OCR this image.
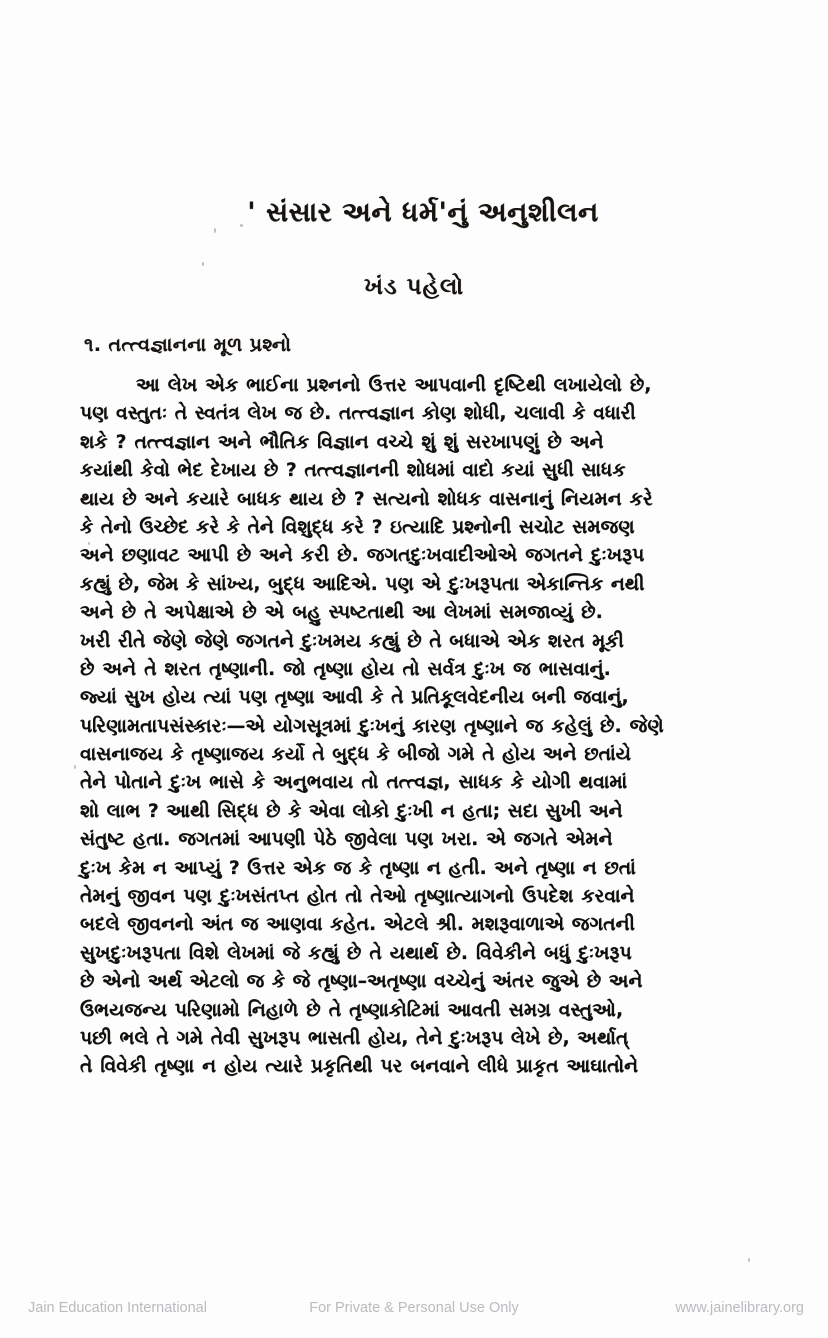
' સંસાર અને ધર્મ'નું અનુશીલન
ખંડ પહેલો
૧. તત્ત્વજ્ઞાનના મૂળ પ્રશ્નો
આ લેખ એક ભાઈના પ્રશ્નનો ઉત્તર આપવાની દૃષ્ટિથી લખાયેલો છે,
પણ વસ્તુતઃ તે સ્વતંત્ર લેખ જ છે. તત્ત્વજ્ઞાન કોણ શોધી, ચલાવી કે વધારી
શકે ? તત્ત્વજ્ઞાન અને ભૌતિક વિજ્ઞાન વચ્ચે શું શું સરખાપણું છે અને
કયાંથી કેવો ભેદ દેખાય છે ? તત્ત્વજ્ઞાનની શોધમાં વાદો કયાં સુધી સાધક
થાય છે અને કયારે બાધક થાય છે ? સત્યનો શોધક વાસનાનું નિયમન કરે
કે તેનો ઉચ્છેદ કરે કે તેને વિશુદ્ધ કરે ? ઇત્યાદિ પ્રશ્નોની સચોટ સમજણ
અને છણાવટ આપી છે અને કરી છે. જગતદુઃખવાદીઓએ જગતને દુઃખરૂપ
કહ્યું છે, જેમ કે સાંખ્ય, બુદ્ધ આદિએ. પણ એ દુઃખરૂપતા એકાન્તિક નથી
અને છે તે અપેક્ષાએ છે એ બહુ સ્પષ્ટતાથી આ લેખમાં સમજાવ્યું છે.
ખરી રીતે જેણે જેણે જગતને દુઃખમય કહ્યું છે તે બધાએ એક શરત મૂકી
છે અને તે શરત તૃષ્ણાની. જો તૃષ્ણા હોય તો સર્વત્ર દુઃખ જ ભાસવાનું.
જ્યાં સુખ હોય ત્યાં પણ તૃષ્ણા આવી કે તે પ્રતિકૂલવેદનીય બની જવાનું,
પરિણામતાપસંસ્કારઃ—એ યોગસૂત્રમાં દુઃખનું કારણ તૃષ્ણાને જ કહેલું છે. જેણે
વાસનાજય કે તૃષ્ણાજય કર્યો તે બુદ્ધ કે બીજો ગમે તે હોય અને છતાંયે
તેને પોતાને દુઃખ ભાસે કે અનુભવાય તો તત્ત્વજ્ઞ, સાધક કે યોગી થવામાં
શો લાભ ? આથી સિદ્ધ છે કે એવા લોકો દુઃખી ન હતા; સદા સુખી અને
સંતુષ્ટ હતા. જગતમાં આપણી પેઠે જીવેલા પણ ખરા. એ જગતે એમને
દુઃખ કેમ ન આપ્યું ? ઉત્તર એક જ કે તૃષ્ણા ન હતી. અને તૃષ્ણા ન છતાં
તેમનું જીવન પણ દુઃખસંતપ્ત હોત તો તેઓ તૃષ્ણાત્યાગનો ઉપદેશ કરવાને
બદલે જીવનનો અંત જ આણવા કહેત. એટલે શ્રી. મશરૂવાળાએ જગતની
સુખદુઃખરૂપતા વિશે લેખમાં જે કહ્યું છે તે યથાર્થ છે. વિવેકીને બધું દુઃખરૂપ
છે એનો અર્થ એટલો જ કે જે તૃષ્ણા–અતૃષ્ણા વચ્ચેનું અંતર જુએ છે અને
ઉભયજન્ય પરિણામો નિહાળે છે તે તૃષ્ણાકોટિમાં આવતી સમગ્ર વસ્તુઓ,
પછી ભલે તે ગમે તેવી સુખરૂપ ભાસતી હોય, તેને દુઃખરૂપ લેખે છે, અર્થાત્
તે વિવેકી તૃષ્ણા ન હોય ત્યારે પ્રકૃતિથી પર બનવાને લીધે પ્રાકૃત આઘાતોને
Jain Education International	For Private & Personal Use Only	www.jainelibrary.org
